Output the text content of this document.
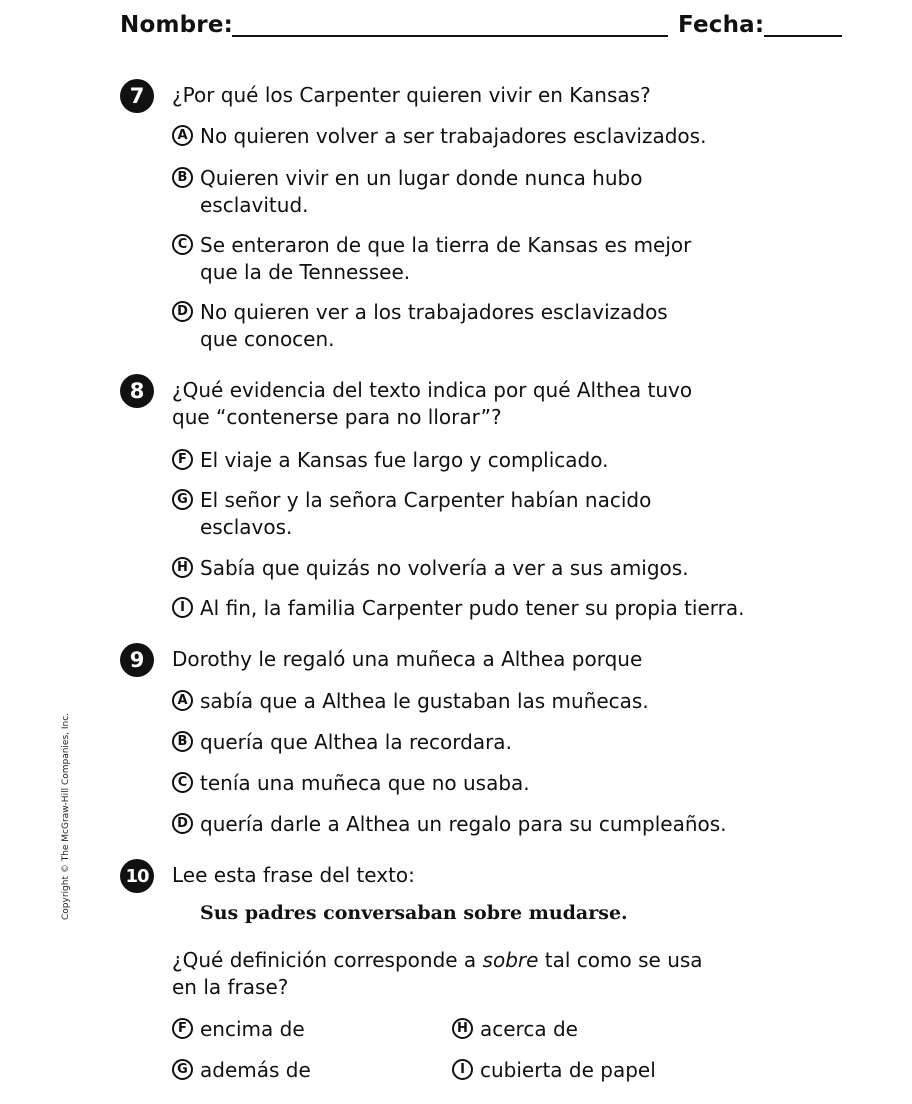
Nombre:	Fecha:
7	¿Por qué los Carpenter quieren vivir en Kansas?
A No quieren volver a ser trabajadores esclavizados.
B Quieren vivir en un lugar donde nunca hubo
esclavitud.
C Se enteraron de que la tierra de Kansas es mejor
que la de Tennessee.
D No quieren ver a los trabajadores esclavizados
que conocen.
8	¿Qué evidencia del texto indica por qué Althea tuvo
que “contenerse para no llorar”?
F El viaje a Kansas fue largo y complicado.
G El señor y la señora Carpenter habían nacido
esclavos.
H Sabía que quizás no volvería a ver a sus amigos.
I Al fin, la familia Carpenter pudo tener su propia tierra.
9	Dorothy le regaló una muñeca a Althea porque
A sabía que a Althea le gustaban las muñecas.
B quería que Althea la recordara.
C tenía una muñeca que no usaba.
D quería darle a Althea un regalo para su cumpleaños.
10 Lee esta frase del texto:
Sus padres conversaban sobre mudarse.
¿Qué definición corresponde a sobre tal como se usa
en la frase?
F encima de	H acerca de
G además de	I cubierta de papel
Copyright © The McGraw-Hill Companies, Inc.
